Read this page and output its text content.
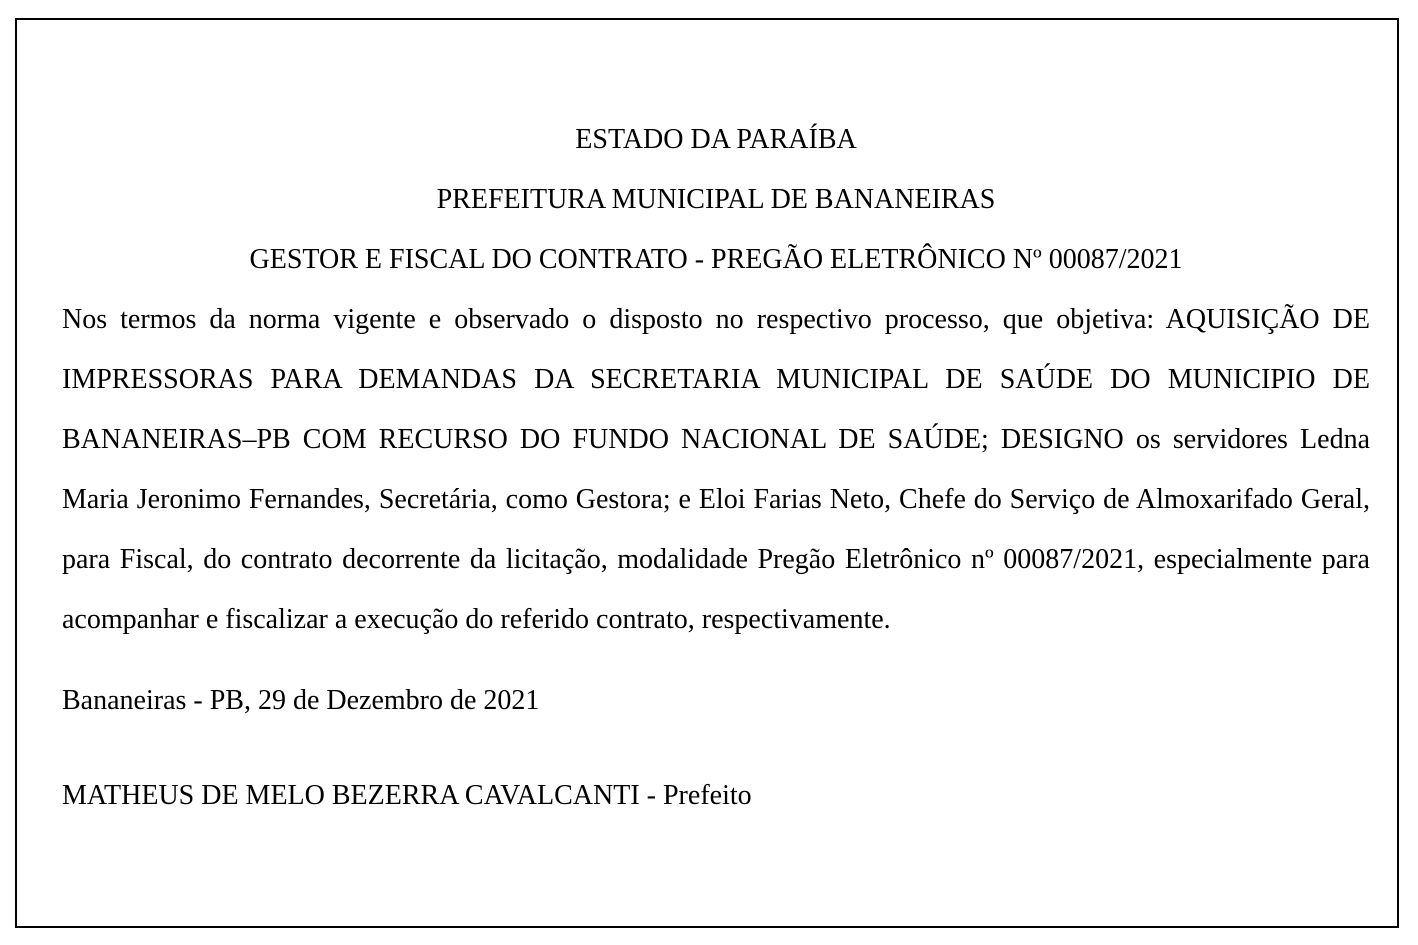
ESTADO DA PARAÍBA

PREFEITURA MUNICIPAL DE BANANEIRAS

GESTOR E FISCAL DO CONTRATO - PREGÃO ELETRÔNICO Nº 00087/2021

Nos termos da norma vigente e observado o disposto no respectivo processo, que objetiva: AQUISIÇÃO DE IMPRESSORAS PARA DEMANDAS DA SECRETARIA MUNICIPAL DE SAÚDE DO MUNICIPIO DE BANANEIRAS–PB COM RECURSO DO FUNDO NACIONAL DE SAÚDE; DESIGNO os servidores Ledna Maria Jeronimo Fernandes, Secretária, como Gestora; e Eloi Farias Neto, Chefe do Serviço de Almoxarifado Geral, para Fiscal, do contrato decorrente da licitação, modalidade Pregão Eletrônico nº 00087/2021, especialmente para acompanhar e fiscalizar a execução do referido contrato, respectivamente.

Bananeiras - PB, 29 de Dezembro de 2021

MATHEUS DE MELO BEZERRA CAVALCANTI - Prefeito
